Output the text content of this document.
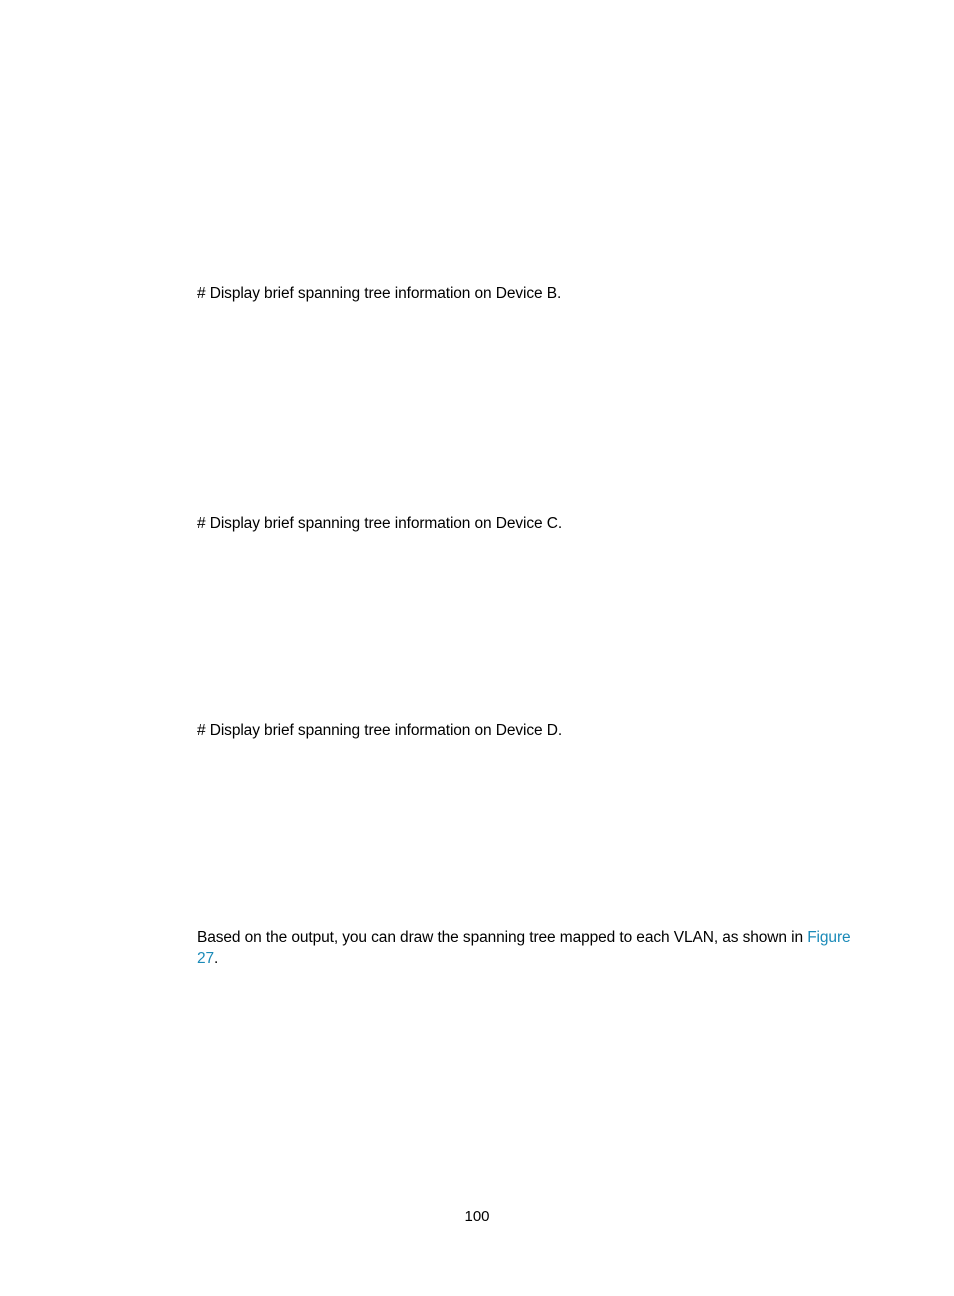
# Display brief spanning tree information on Device B.

# Display brief spanning tree information on Device C.

# Display brief spanning tree information on Device D.

Based on the output, you can draw the spanning tree mapped to each VLAN, as shown in Figure 27.

100
